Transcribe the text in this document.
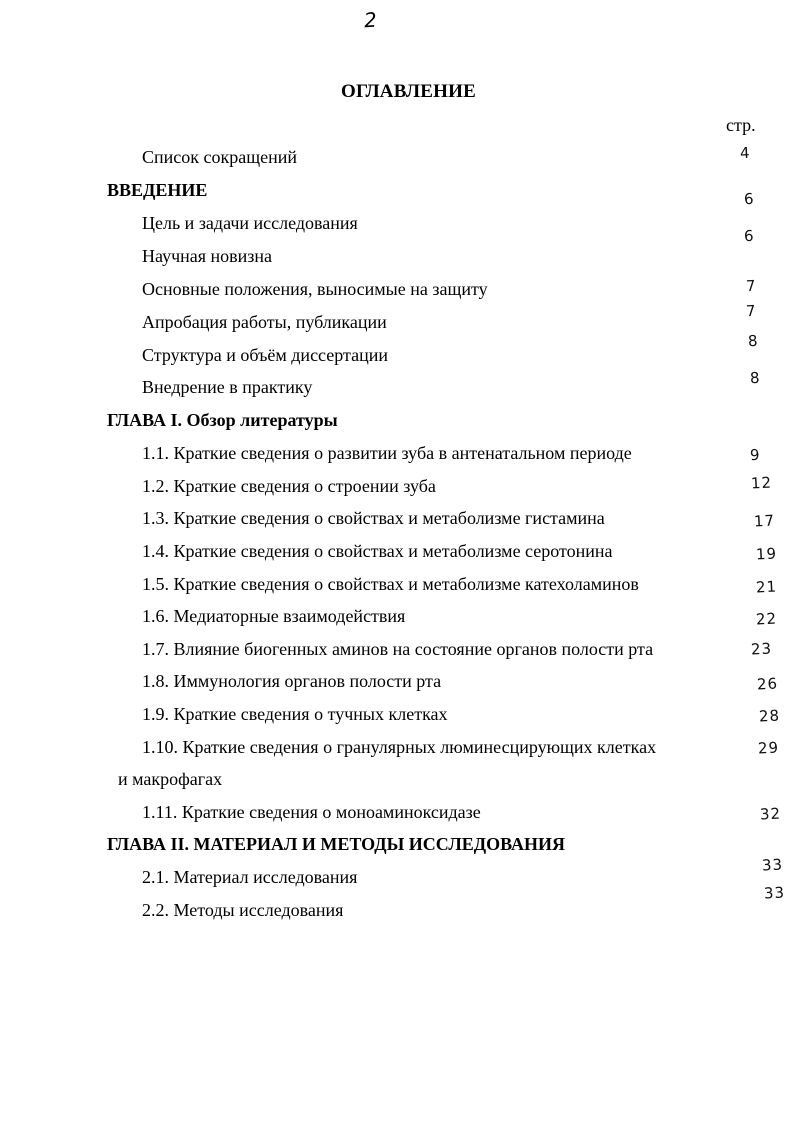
2
ОГЛАВЛЕНИЕ
стр.
Список сокращений
ВВЕДЕНИЕ
Цель и задачи исследования
Научная новизна
Основные положения, выносимые на защиту
Апробация работы, публикации
Структура и объём диссертации
Внедрение в практику
ГЛАВА I. Обзор литературы
1.1. Краткие сведения о развитии зуба в антенатальном периоде
1.2. Краткие сведения о строении зуба
1.3. Краткие сведения о свойствах и метаболизме гистамина
1.4. Краткие сведения о свойствах и метаболизме серотонина
1.5. Краткие сведения о свойствах и метаболизме катехоламинов
1.6. Медиаторные взаимодействия
1.7. Влияние биогенных аминов на состояние органов полости рта
1.8. Иммунология органов полости рта
1.9. Краткие сведения о тучных клетках
1.10. Краткие сведения о гранулярных люминесцирующих клетках
и макрофагах
1.11. Краткие сведения о моноаминоксидазе
ГЛАВА II. МАТЕРИАЛ И МЕТОДЫ ИССЛЕДОВАНИЯ
2.1. Материал исследования
2.2. Методы исследования
4
6
6
7
7
8
8
9
12
17
19
21
22
23
26
28
29
32
33
33
